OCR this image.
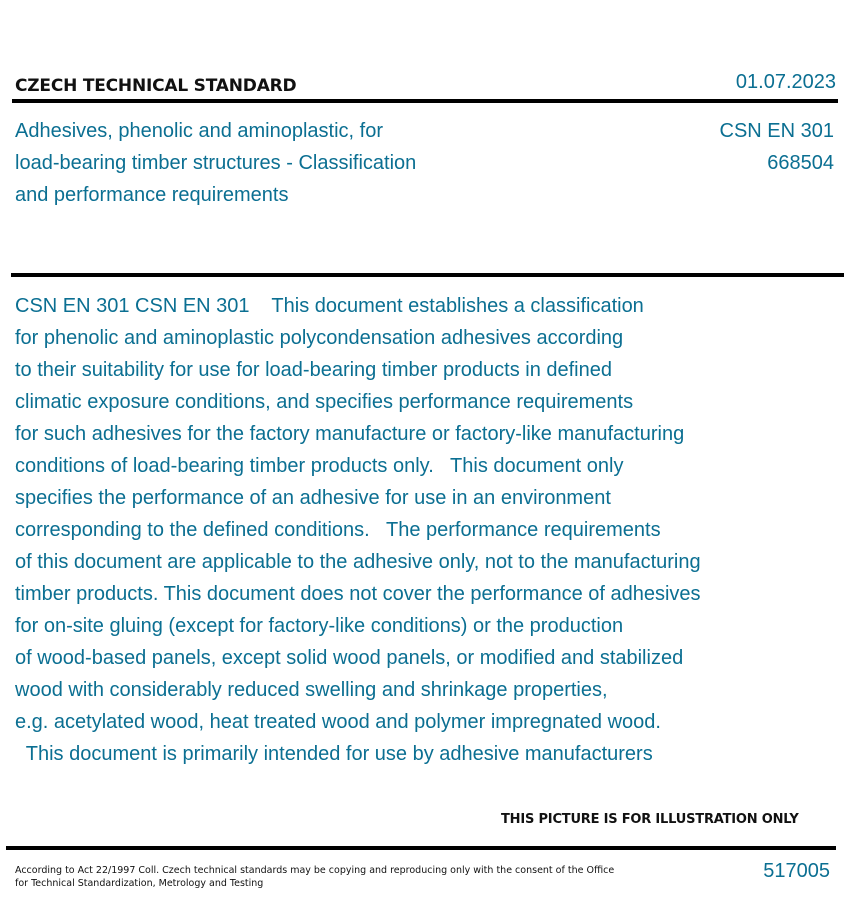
CZECH TECHNICAL STANDARD	01.07.2023
Adhesives, phenolic and aminoplastic, for
load-bearing timber structures - Classification
and performance requirements
CSN EN 301
668504
CSN EN 301 CSN EN 301    This document establishes a classification
for phenolic and aminoplastic polycondensation adhesives according
to their suitability for use for load-bearing timber products in defined
climatic exposure conditions, and specifies performance requirements
for such adhesives for the factory manufacture or factory-like manufacturing
conditions of load-bearing timber products only.   This document only
specifies the performance of an adhesive for use in an environment
corresponding to the defined conditions.   The performance requirements
of this document are applicable to the adhesive only, not to the manufacturing
timber products. This document does not cover the performance of adhesives
for on-site gluing (except for factory-like conditions) or the production
of wood-based panels, except solid wood panels, or modified and stabilized
wood with considerably reduced swelling and shrinkage properties,
e.g. acetylated wood, heat treated wood and polymer impregnated wood.
This document is primarily intended for use by adhesive manufacturers
THIS PICTURE IS FOR ILLUSTRATION ONLY
According to Act 22/1997 Coll. Czech technical standards may be copying and reproducing only with the consent of the Office
for Technical Standardization, Metrology and Testing
517005
